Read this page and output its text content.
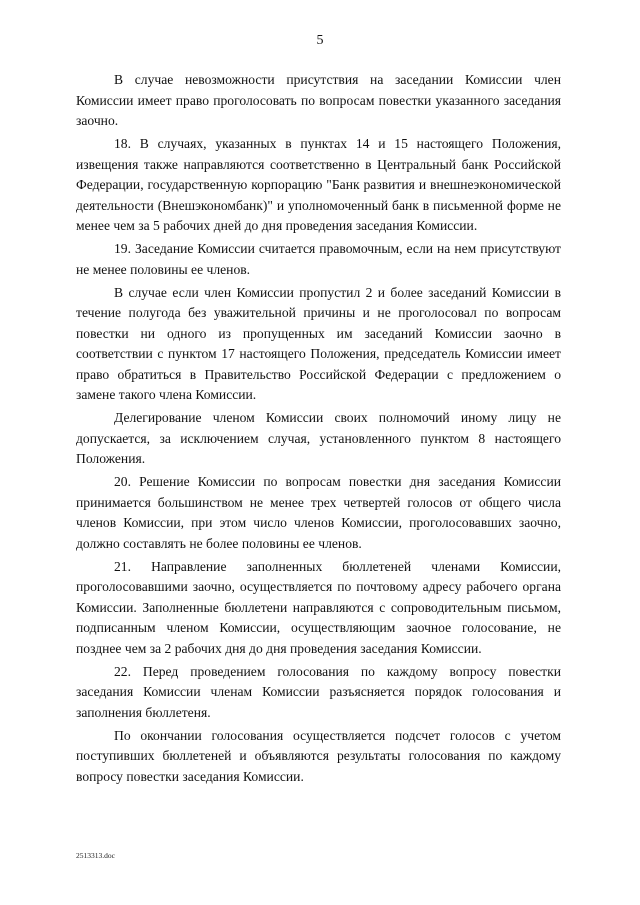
5

В случае невозможности присутствия на заседании Комиссии член Комиссии имеет право проголосовать по вопросам повестки указанного заседания заочно.

18. В случаях, указанных в пунктах 14 и 15 настоящего Положения, извещения также направляются соответственно в Центральный банк Российской Федерации, государственную корпорацию "Банк развития и внешнеэкономической деятельности (Внешэкономбанк)" и уполномоченный банк в письменной форме не менее чем за 5 рабочих дней до дня проведения заседания Комиссии.

19. Заседание Комиссии считается правомочным, если на нем присутствуют не менее половины ее членов.

В случае если член Комиссии пропустил 2 и более заседаний Комиссии в течение полугода без уважительной причины и не проголосовал по вопросам повестки ни одного из пропущенных им заседаний Комиссии заочно в соответствии с пунктом 17 настоящего Положения, председатель Комиссии имеет право обратиться в Правительство Российской Федерации с предложением о замене такого члена Комиссии.

Делегирование членом Комиссии своих полномочий иному лицу не допускается, за исключением случая, установленного пунктом 8 настоящего Положения.

20. Решение Комиссии по вопросам повестки дня заседания Комиссии принимается большинством не менее трех четвертей голосов от общего числа членов Комиссии, при этом число членов Комиссии, проголосовавших заочно, должно составлять не более половины ее членов.

21. Направление заполненных бюллетеней членами Комиссии, проголосовавшими заочно, осуществляется по почтовому адресу рабочего органа Комиссии. Заполненные бюллетени направляются с сопроводительным письмом, подписанным членом Комиссии, осуществляющим заочное голосование, не позднее чем за 2 рабочих дня до дня проведения заседания Комиссии.

22. Перед проведением голосования по каждому вопросу повестки заседания Комиссии членам Комиссии разъясняется порядок голосования и заполнения бюллетеня.

По окончании голосования осуществляется подсчет голосов с учетом поступивших бюллетеней и объявляются результаты голосования по каждому вопросу повестки заседания Комиссии.

2513313.doc
